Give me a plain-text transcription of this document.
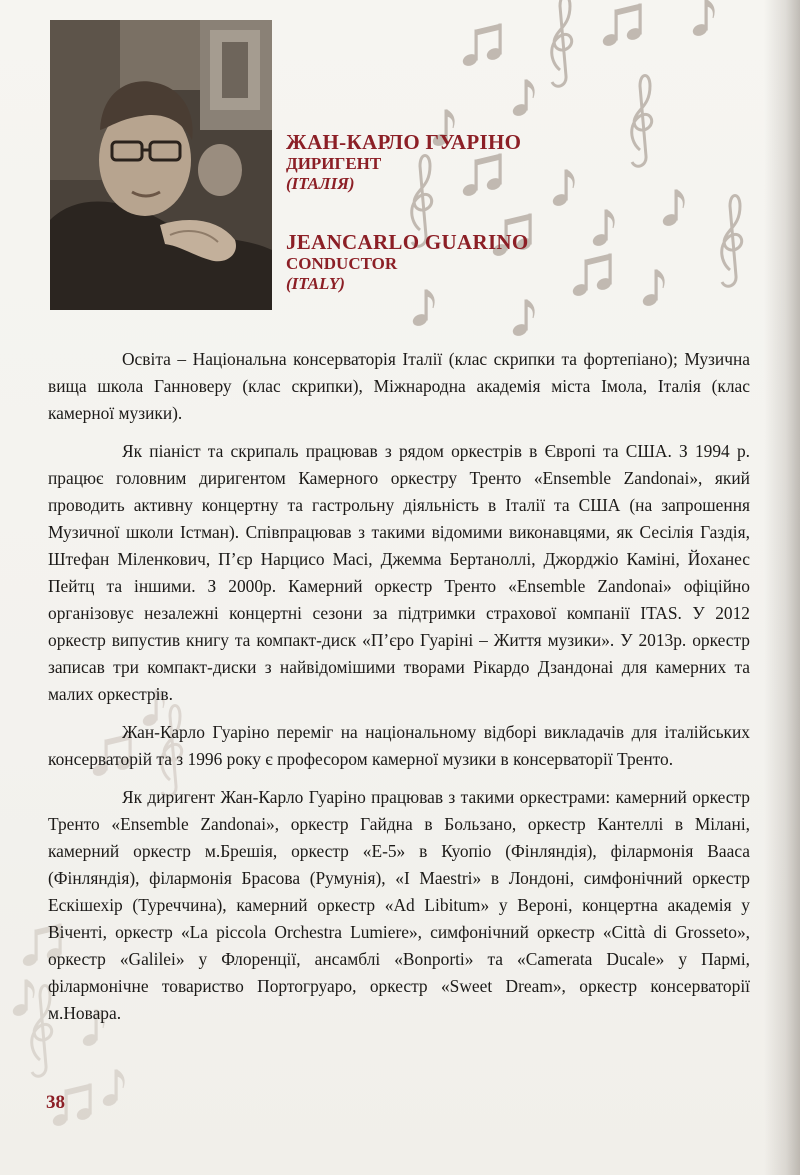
ЖАН-КАРЛО ГУАРІНО
ДИРИГЕНТ
(ІТАЛІЯ)
JEANCARLO GUARINO
CONDUCTOR
(ITALY)

Освіта – Національна консерваторія Італії (клас скрипки та фортепіано); Музична вища школа Ганноверу (клас скрипки), Міжнародна академія міста Імола, Італія (клас камерної музики).

Як піаніст та скрипаль працював з рядом оркестрів в Європі та США. З 1994 р. працює головним диригентом Камерного оркестру Тренто «Ensemble Zandonai», який проводить активну концертну та гастрольну діяльність в Італії та США (на запрошення Музичної школи Істман). Співпрацював з такими відомими виконавцями, як Сесілія Газдія, Штефан Міленкович, П’єр Нарцисо Масі, Джемма Бертаноллі, Джорджіо Каміні, Йоханес Пейтц та іншими. З 2000р. Камерний оркестр Тренто «Ensemble Zandonai» офіційно організовує незалежні концертні сезони за підтримки страхової компанії ITAS. У 2012 оркестр випустив книгу та компакт-диск «П’єро Гуаріні – Життя музики». У 2013р. оркестр записав три компакт-диски з найвідомішими творами Рікардо Дзандонаі для камерних та малих оркестрів.

Жан-Карло Гуаріно переміг на національному відборі викладачів для італійських консерваторій та з 1996 року є професором камерної музики в консерваторії Тренто.

Як диригент Жан-Карло Гуаріно працював з такими оркестрами: камерний оркестр Тренто «Ensemble Zandonai», оркестр Гайдна в Бользано, оркестр Кантеллі в Мілані, камерний оркестр м.Брешія, оркестр «E-5» в Куопіо (Фінляндія), філармонія Вааса (Фінляндія), філармонія Брасова (Румунія), «I Maestri» в Лондоні, симфонічний оркестр Ескішехір (Туреччина), камерний оркестр «Ad Libitum» у Вероні, концертна академія у Віченті, оркестр «La piccola Orchestra Lumiere», симфонічний оркестр «Città di Grosseto», оркестр «Galilei» у Флоренції, ансамблі «Bonporti» та «Camerata Ducale» у Пармі, філармонічне товариство Портогруаро, оркестр «Sweet Dream», оркестр консерваторії м.Новара.

38
